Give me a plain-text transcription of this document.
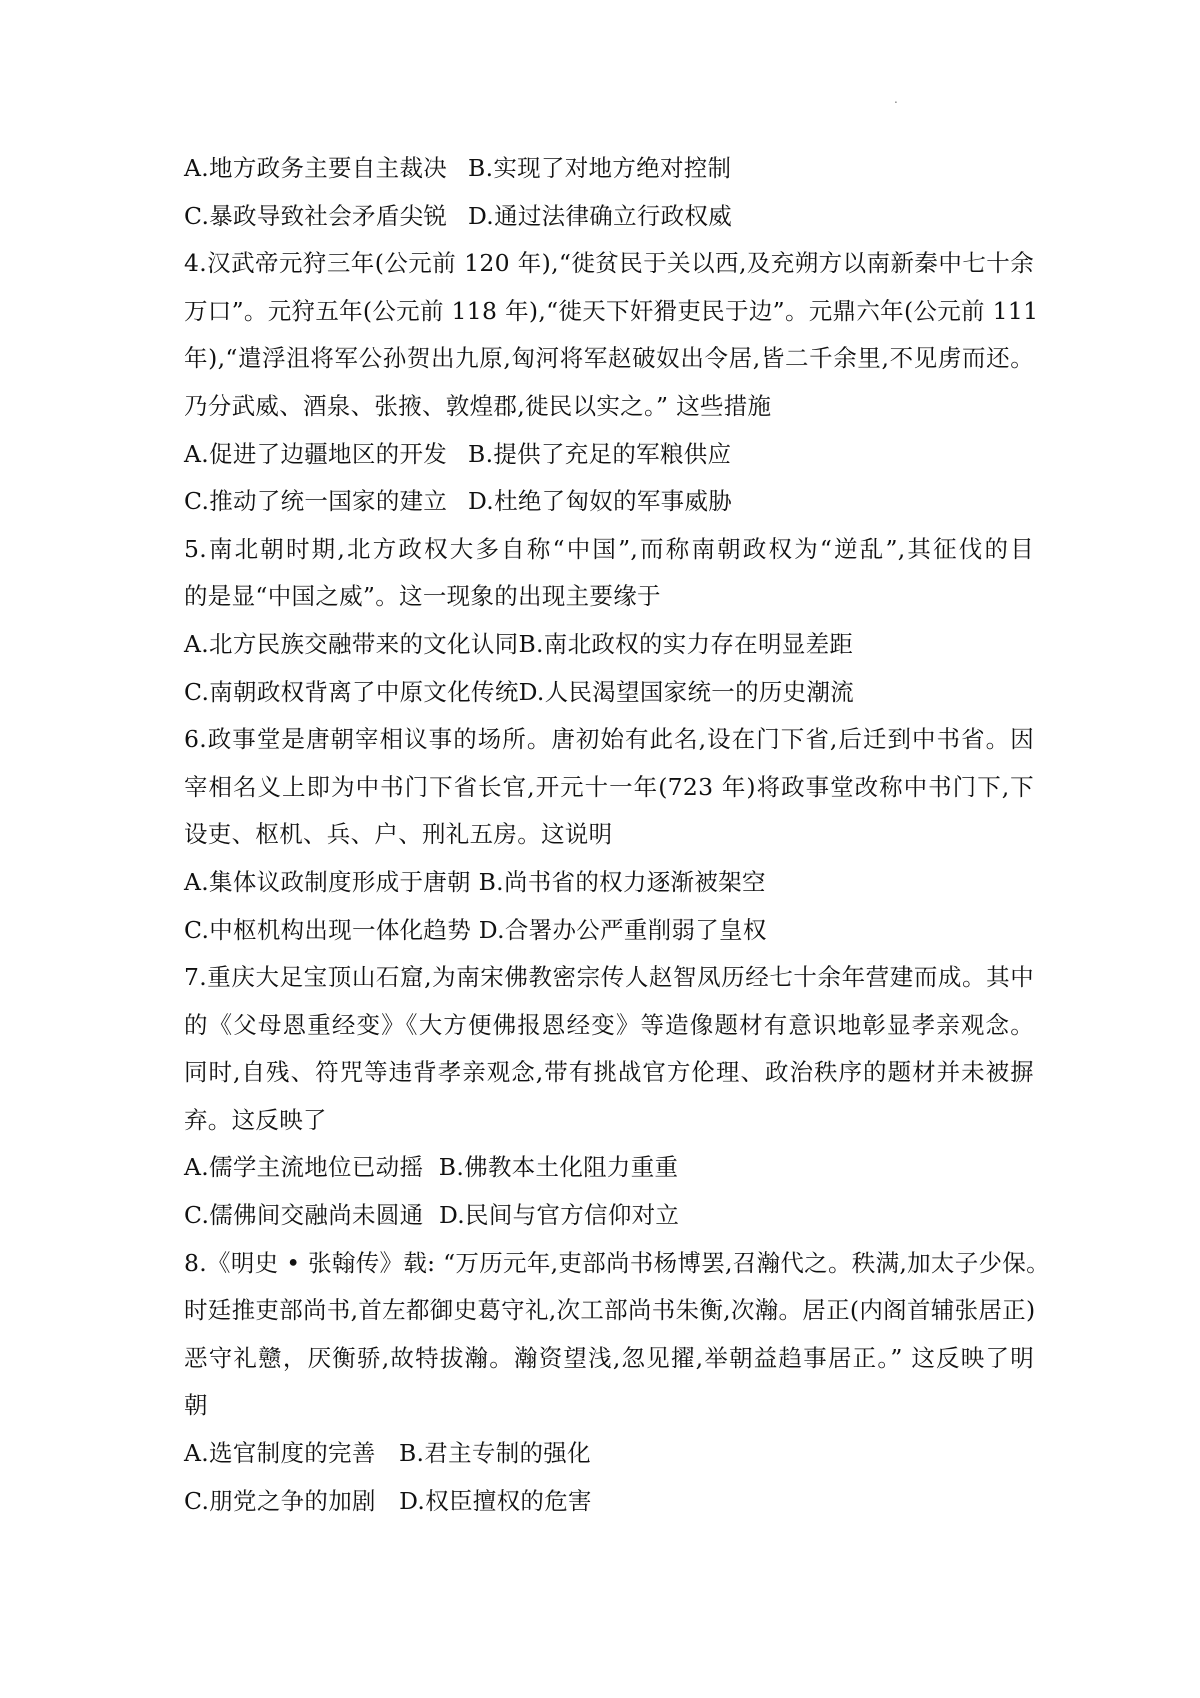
.
A.地方政务主要自主裁决 B.实现了对地方绝对控制
C.暴政导致社会矛盾尖锐 D.通过法律确立行政权威
4.汉武帝元狩三年(公元前 120 年),“徙贫民于关以西,及充朔方以南新秦中七十余
万口”。元狩五年(公元前 118 年),“徙天下奸猾吏民于边”。元鼎六年(公元前 111
年),“遣浮沮将军公孙贺出九原,匈河将军赵破奴出令居,皆二千余里,不见虏而还。
乃分武威、酒泉、张掖、敦煌郡,徙民以实之。” 这些措施
A.促进了边疆地区的开发 B.提供了充足的军粮供应
C.推动了统一国家的建立 D.杜绝了匈奴的军事威胁
5.南北朝时期,北方政权大多自称“中国”,而称南朝政权为“逆乱”,其征伐的目
的是显“中国之威”。这一现象的出现主要缘于
A.北方民族交融带来的文化认同B.南北政权的实力存在明显差距
C.南朝政权背离了中原文化传统D.人民渴望国家统一的历史潮流
6.政事堂是唐朝宰相议事的场所。唐初始有此名,设在门下省,后迁到中书省。因
宰相名义上即为中书门下省长官,开元十一年(723 年)将政事堂改称中书门下,下
设吏、枢机、兵、户、刑礼五房。这说明
A.集体议政制度形成于唐朝 B.尚书省的权力逐渐被架空
C.中枢机构出现一体化趋势 D.合署办公严重削弱了皇权
7.重庆大足宝顶山石窟,为南宋佛教密宗传人赵智凤历经七十余年营建而成。其中
的《父母恩重经变》《大方便佛报恩经变》等造像题材有意识地彰显孝亲观念。
同时,自残、符咒等违背孝亲观念,带有挑战官方伦理、政治秩序的题材并未被摒
弃。这反映了
A.儒学主流地位已动摇  B.佛教本土化阻力重重
C.儒佛间交融尚未圆通  D.民间与官方信仰对立
8.《明史 • 张翰传》载: “万历元年,吏部尚书杨博罢,召瀚代之。秩满,加太子少保。
时廷推吏部尚书,首左都御史葛守礼,次工部尚书朱衡,次瀚。居正(内阁首辅张居正)
恶守礼戆，厌衡骄,故特拔瀚。瀚资望浅,忽见擢,举朝益趋事居正。” 这反映了明
朝
A.选官制度的完善   B.君主专制的强化
C.朋党之争的加剧   D.权臣擅权的危害
